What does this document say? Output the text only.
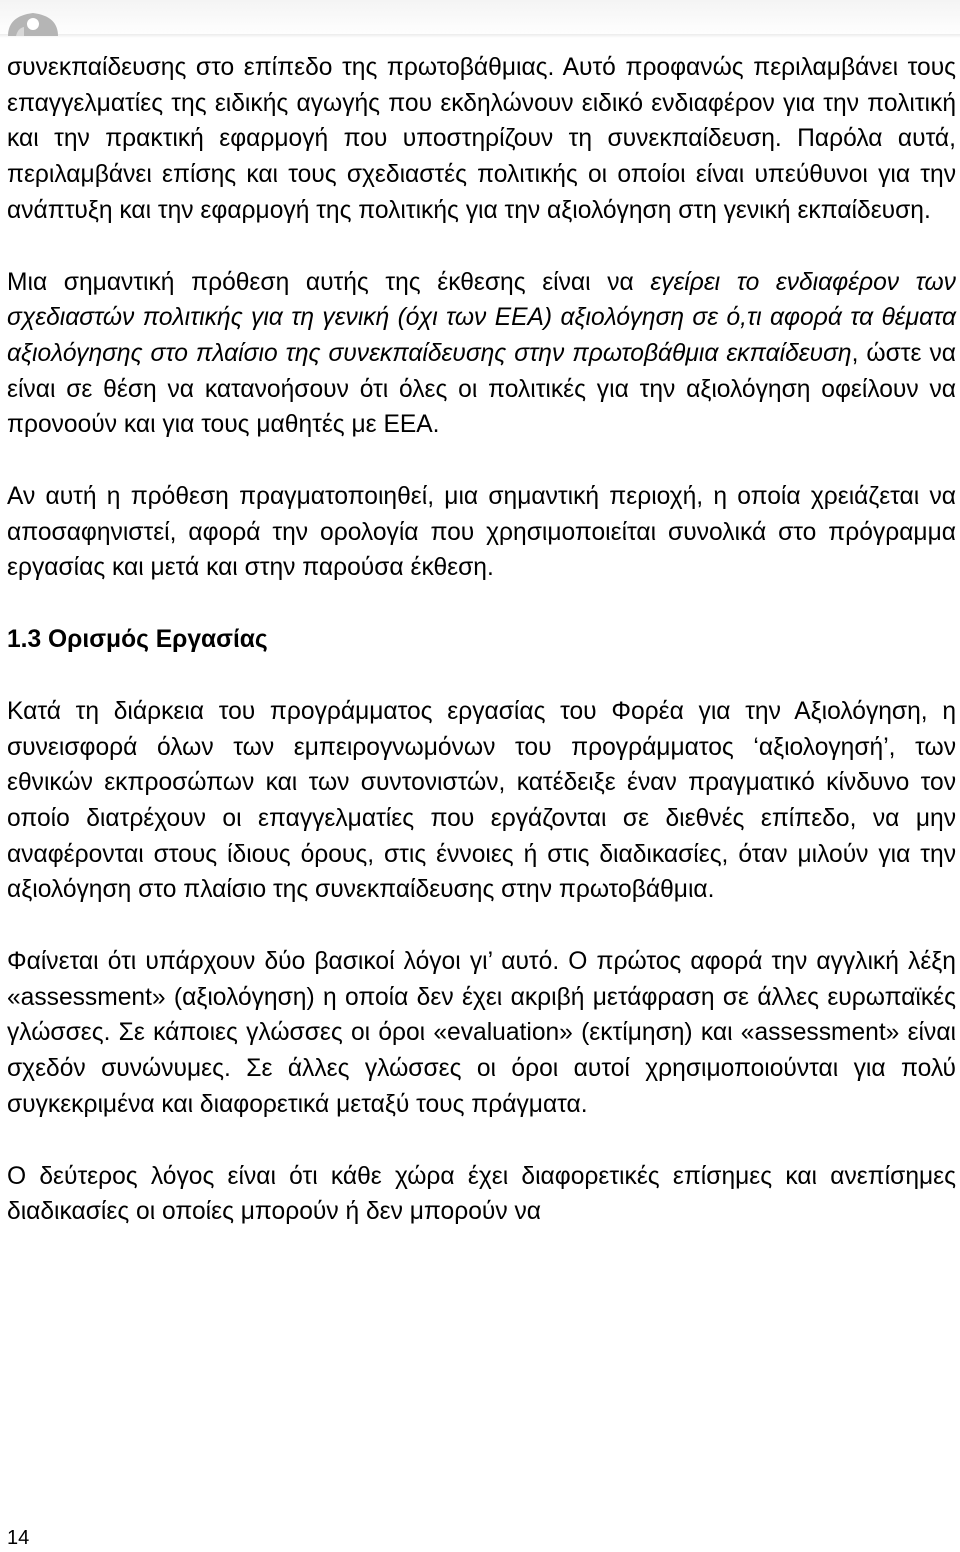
συνεκπαίδευσης στο επίπεδο της πρωτοβάθμιας. Αυτό προφανώς περιλαμβάνει τους επαγγελματίες της ειδικής αγωγής που εκδηλώνουν ειδικό ενδιαφέρον για την πολιτική και την πρακτική εφαρμογή που υποστηρίζουν τη συνεκπαίδευση. Παρόλα αυτά, περιλαμβάνει επίσης και τους σχεδιαστές πολιτικής οι οποίοι είναι υπεύθυνοι για την ανάπτυξη και την εφαρμογή της πολιτικής για την αξιολόγηση στη γενική εκπαίδευση.

Μια σημαντική πρόθεση αυτής της έκθεσης είναι να εγείρει το ενδιαφέρον των σχεδιαστών πολιτικής για τη γενική (όχι των ΕΕΑ) αξιολόγηση σε ό,τι αφορά τα θέματα αξιολόγησης στο πλαίσιο της συνεκπαίδευσης στην πρωτοβάθμια εκπαίδευση, ώστε να είναι σε θέση να κατανοήσουν ότι όλες οι πολιτικές για την αξιολόγηση οφείλουν να προνοούν και για τους μαθητές με ΕΕΑ.

Αν αυτή η πρόθεση πραγματοποιηθεί, μια σημαντική περιοχή, η οποία χρειάζεται να αποσαφηνιστεί, αφορά την ορολογία που χρησιμοποιείται συνολικά στο πρόγραμμα εργασίας και μετά και στην παρούσα έκθεση.

1.3 Ορισμός Εργασίας

Κατά τη διάρκεια του προγράμματος εργασίας του Φορέα για την Αξιολόγηση, η συνεισφορά όλων των εμπειρογνωμόνων του προγράμματος ‘αξιολογησή’, των εθνικών εκπροσώπων και των συντονιστών, κατέδειξε έναν πραγματικό κίνδυνο τον οποίο διατρέχουν οι επαγγελματίες που εργάζονται σε διεθνές επίπεδο, να μην αναφέρονται στους ίδιους όρους, στις έννοιες ή στις διαδικασίες, όταν μιλούν για την αξιολόγηση στο πλαίσιο της συνεκπαίδευσης στην πρωτοβάθμια.

Φαίνεται ότι υπάρχουν δύο βασικοί λόγοι γι’ αυτό. Ο πρώτος αφορά την αγγλική λέξη «assessment» (αξιολόγηση) η οποία δεν έχει ακριβή μετάφραση σε άλλες ευρωπαϊκές γλώσσες. Σε κάποιες γλώσσες οι όροι «evaluation» (εκτίμηση) και «assessment» είναι σχεδόν συνώνυμες. Σε άλλες γλώσσες οι όροι αυτοί χρησιμοποιούνται για πολύ συγκεκριμένα και διαφορετικά μεταξύ τους πράγματα.

Ο δεύτερος λόγος είναι ότι κάθε χώρα έχει διαφορετικές επίσημες και ανεπίσημες διαδικασίες οι οποίες μπορούν ή δεν μπορούν να

14
